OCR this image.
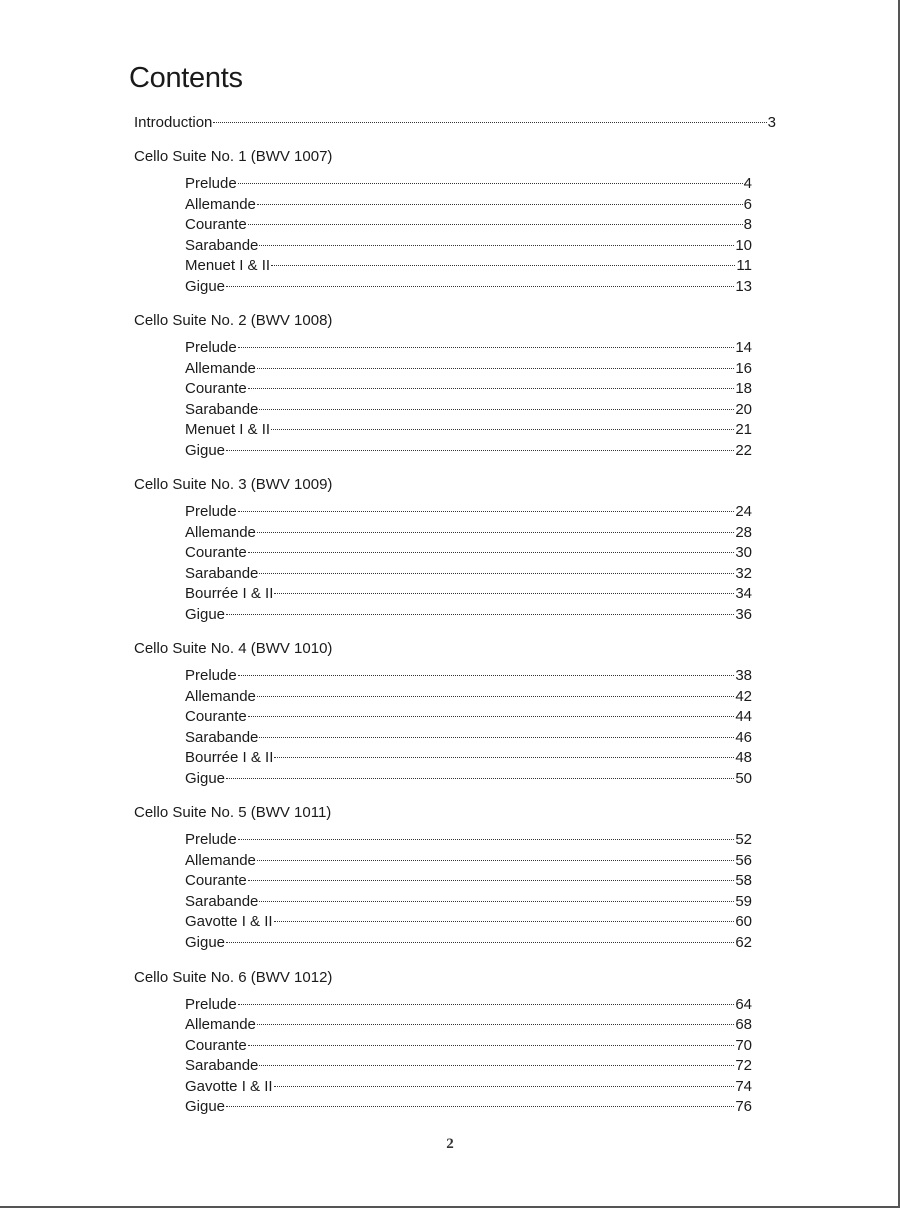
Contents
Introduction	3
Cello Suite No. 1 (BWV 1007)
Prelude	4
Allemande	6
Courante	8
Sarabande	10
Menuet I & II	11
Gigue	13
Cello Suite No. 2 (BWV 1008)
Prelude	14
Allemande	16
Courante	18
Sarabande	20
Menuet I & II	21
Gigue	22
Cello Suite No. 3 (BWV 1009)
Prelude	24
Allemande	28
Courante	30
Sarabande	32
Bourrée I & II	34
Gigue	36
Cello Suite No. 4 (BWV 1010)
Prelude	38
Allemande	42
Courante	44
Sarabande	46
Bourrée I & II	48
Gigue	50
Cello Suite No. 5 (BWV 1011)
Prelude	52
Allemande	56
Courante	58
Sarabande	59
Gavotte I & II	60
Gigue	62
Cello Suite No. 6 (BWV 1012)
Prelude	64
Allemande	68
Courante	70
Sarabande	72
Gavotte I & II	74
Gigue	76
2
